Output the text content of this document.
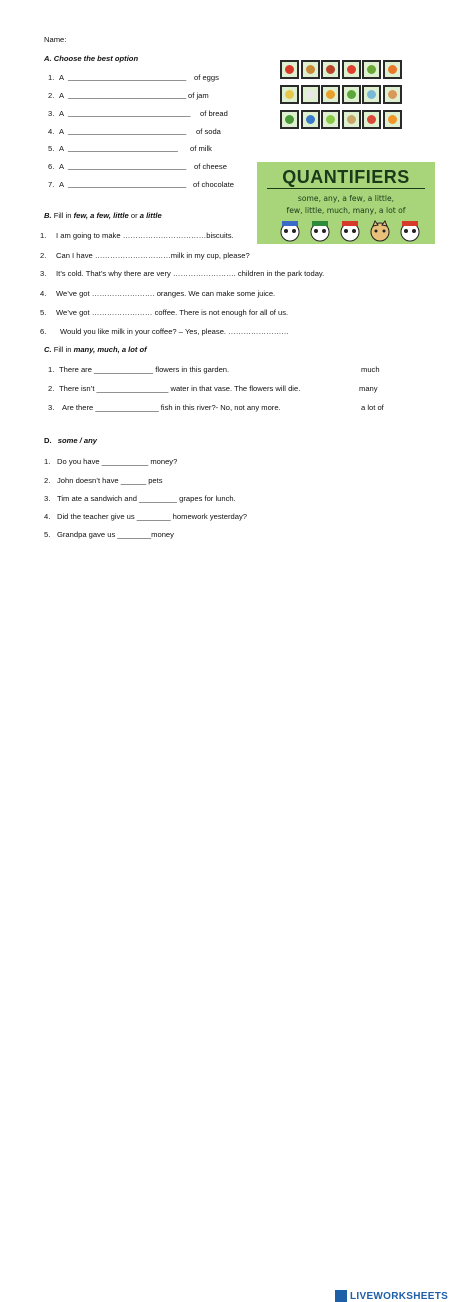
Name:
A. Choose the best option
1. A ____________________________ of eggs
2. A ____________________________ of jam
3. A _____________________________ of bread
4. A ____________________________ of soda
5. A __________________________ of milk
6. A ____________________________ of cheese
7. A ____________________________ of chocolate	QUANTIFIERS
some, any, a few, a little,
few, little, much, many, a lot of
B. Fill in few, a few, little or a little
1. I am going to make ……………………………biscuits.
2. Can I have …………………………milk in my cup, please?
3. It’s cold. That’s why there are very ……………………. children in the park today.
4. We’ve got ……………………. oranges. We can make some juice.
5. We’ve got …………………… coffee. There is not enough for all of us.
6. Would you like milk in your coffee? – Yes, please. ……………………
C. Fill in many, much, a lot of
1. There are ______________ flowers in this garden.
2. There isn’t _________________ water in that vase. The flowers will die.
3. Are there _______________ fish in this river?- No, not any more.
much
many
a lot of
D. some / any
1. Do you have ___________ money?
2. John doesn’t have ______ pets
3. Tim ate a sandwich and _________ grapes for lunch.
4. Did the teacher give us ________ homework yesterday?
5. Grandpa gave us ________money
LIVEWORKSHEETS
